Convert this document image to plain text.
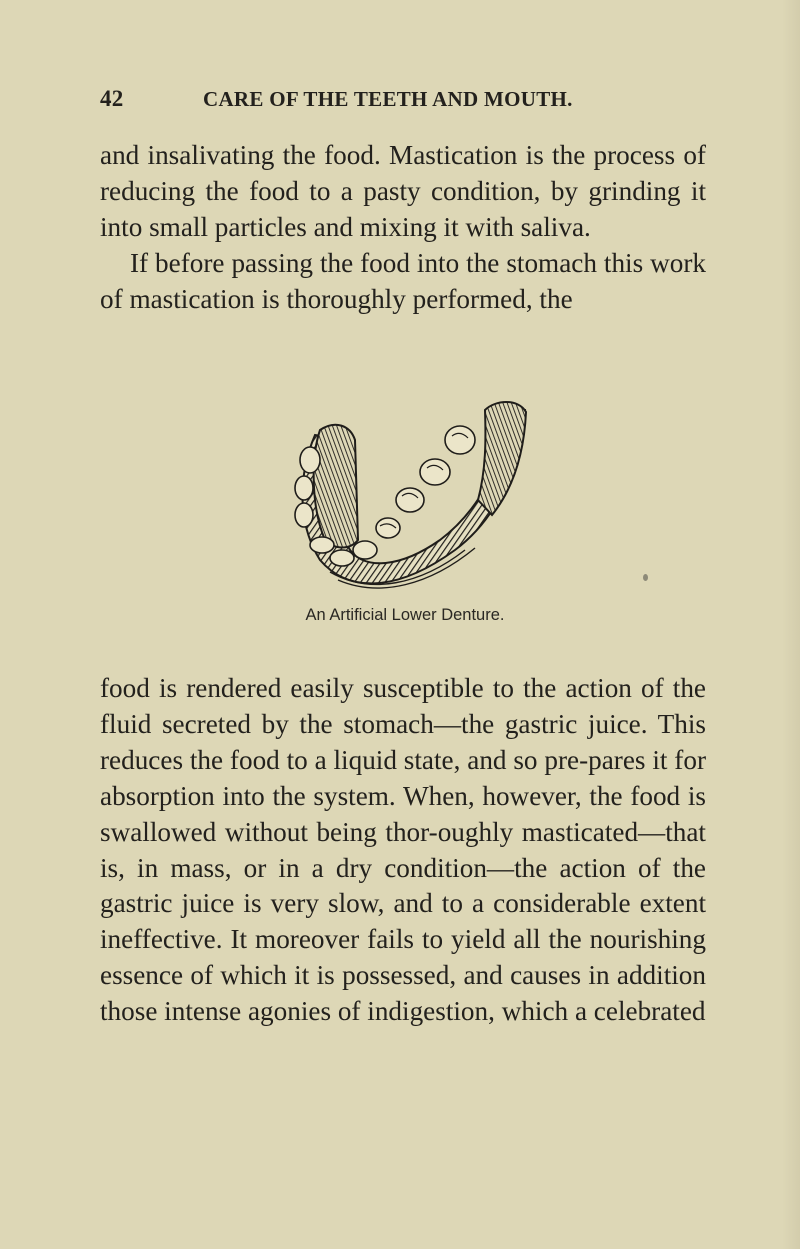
42	CARE OF THE TEETH AND MOUTH.

and insalivating the food. Mastication is the process of reducing the food to a pasty condition, by grinding it into small particles and mixing it with saliva.

If before passing the food into the stomach this work of mastication is thoroughly performed, the

An Artificial Lower Denture.

food is rendered easily susceptible to the action of the fluid secreted by the stomach—the gastric juice. This reduces the food to a liquid state, and so pre-pares it for absorption into the system. When, however, the food is swallowed without being thor-oughly masticated—that is, in mass, or in a dry condition—the action of the gastric juice is very slow, and to a considerable extent ineffective. It moreover fails to yield all the nourishing essence of which it is possessed, and causes in addition those intense agonies of indigestion, which a celebrated
